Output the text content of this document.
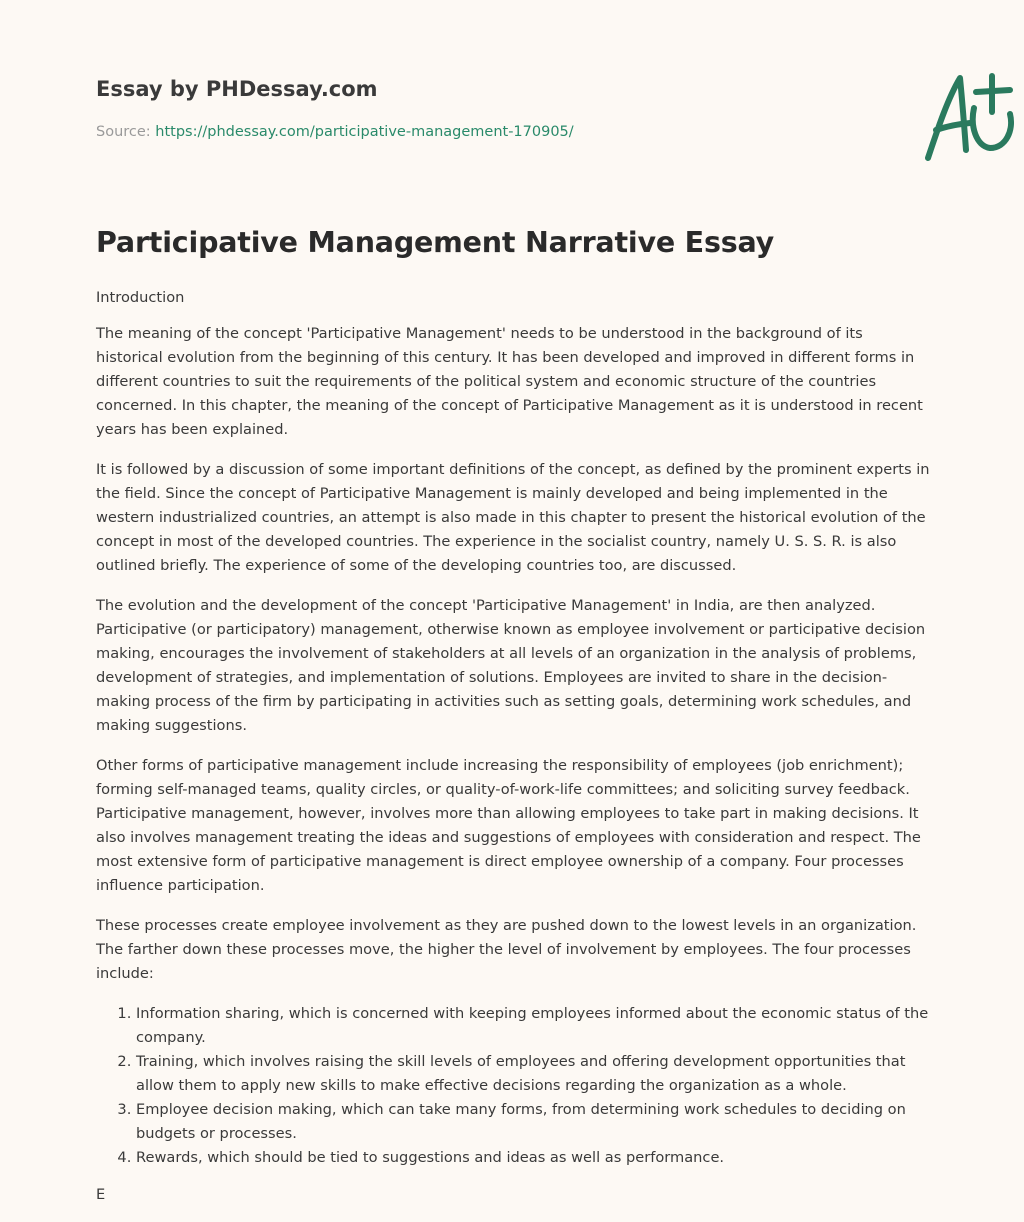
Essay by PHDessay.com
Source: https://phdessay.com/participative-management-170905/
Participative Management Narrative Essay

Introduction

The meaning of the concept 'Participative Management' needs to be understood in the background of its historical evolution from the beginning of this century. It has been developed and improved in different forms in different countries to suit the requirements of the political system and economic structure of the countries concerned. In this chapter, the meaning of the concept of Participative Management as it is understood in recent years has been explained.

It is followed by a discussion of some important definitions of the concept, as defined by the prominent experts in the field. Since the concept of Participative Management is mainly developed and being implemented in the western industrialized countries, an attempt is also made in this chapter to present the historical evolution of the concept in most of the developed countries. The experience in the socialist country, namely U. S. S. R. is also outlined briefly. The experience of some of the developing countries too, are discussed.

The evolution and the development of the concept 'Participative Management' in India, are then analyzed. Participative (or participatory) management, otherwise known as employee involvement or participative decision making, encourages the involvement of stakeholders at all levels of an organization in the analysis of problems, development of strategies, and implementation of solutions. Employees are invited to share in the decision-making process of the firm by participating in activities such as setting goals, determining work schedules, and making suggestions.

Other forms of participative management include increasing the responsibility of employees (job enrichment); forming self-managed teams, quality circles, or quality-of-work-life committees; and soliciting survey feedback. Participative management, however, involves more than allowing employees to take part in making decisions. It also involves management treating the ideas and suggestions of employees with consideration and respect. The most extensive form of participative management is direct employee ownership of a company. Four processes influence participation.

These processes create employee involvement as they are pushed down to the lowest levels in an organization. The farther down these processes move, the higher the level of involvement by employees. The four processes include:

1. Information sharing, which is concerned with keeping employees informed about the economic status of the company.
2. Training, which involves raising the skill levels of employees and offering development opportunities that allow them to apply new skills to make effective decisions regarding the organization as a whole.
3. Employee decision making, which can take many forms, from determining work schedules to deciding on budgets or processes.
4. Rewards, which should be tied to suggestions and ideas as well as performance.
E
